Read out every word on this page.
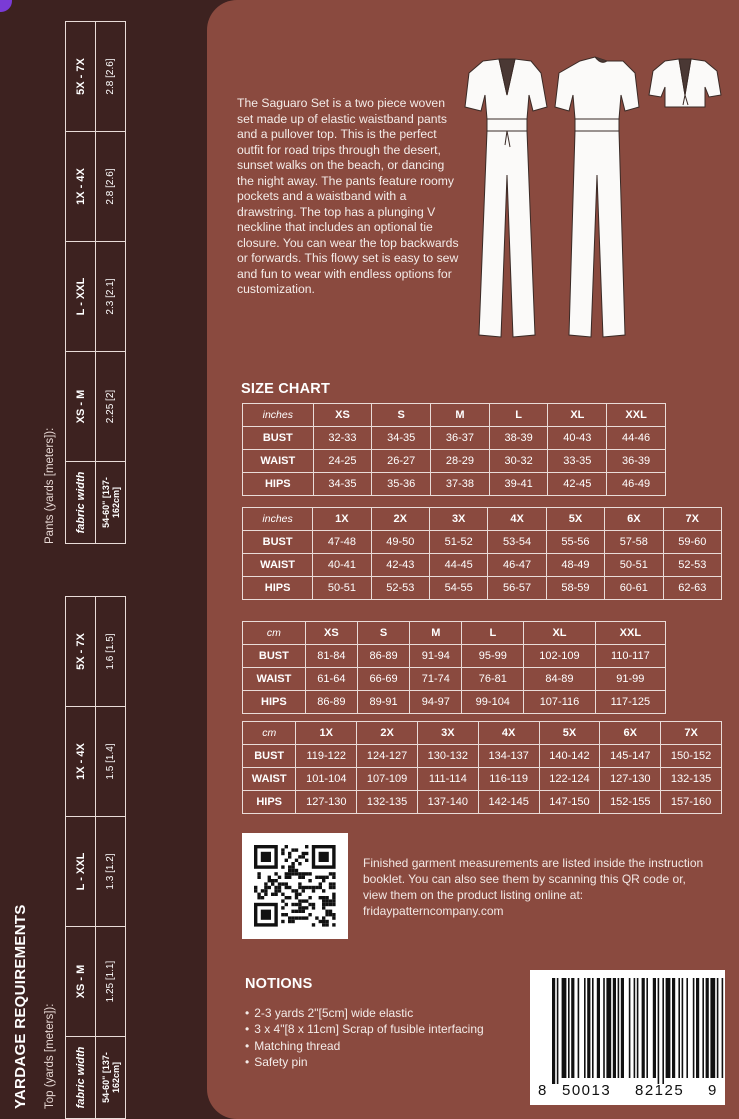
YARDAGE REQUIREMENTS Top (yards [meters]): fabric width	XS - M	L - XXL	1X - 4X	5X - 7X
54-60" [137-162cm]	1.25 [1.1]	1.3 [1.2]	1.5 [1.4]	1.6 [1.5]
Pants (yards [meters]): fabric width	XS - M	L - XXL	1X - 4X	5X - 7X
54-60" [137-162cm]	2.25 [2]	2.3 [2.1]	2.8 [2.6]	2.8 [2.6]
The Saguaro Set is a two piece woven set made up of elastic waistband pants and a pullover top. This is the perfect outfit for road trips through the desert, sunset walks on the beach, or dancing the night away. The pants feature roomy pockets and a waistband with a drawstring. The top has a plunging V neckline that includes an optional tie closure. You can wear the top backwards or forwards. This flowy set is easy to sew and fun to wear with endless options for customization.
SIZE CHART
inches	XS	S	M	L	XL	XXL
BUST	32-33	34-35	36-37	38-39	40-43	44-46
WAIST	24-25	26-27	28-29	30-32	33-35	36-39
HIPS	34-35	35-36	37-38	39-41	42-45	46-49
inches	1X	2X	3X	4X	5X	6X	7X
BUST	47-48	49-50	51-52	53-54	55-56	57-58	59-60
WAIST	40-41	42-43	44-45	46-47	48-49	50-51	52-53
HIPS	50-51	52-53	54-55	56-57	58-59	60-61	62-63
cm	XS	S	M	L	XL	XXL
BUST	81-84	86-89	91-94	95-99	102-109	110-117
WAIST	61-64	66-69	71-74	76-81	84-89	91-99
HIPS	86-89	89-91	94-97	99-104	107-116	117-125
cm	1X	2X	3X	4X	5X	6X	7X
BUST	119-122	124-127	130-132	134-137	140-142	145-147	150-152
WAIST	101-104	107-109	111-114	116-119	122-124	127-130	132-135
HIPS	127-130	132-135	137-140	142-145	147-150	152-155	157-160
Finished garment measurements are listed inside the instruction booklet. You can also see them by scanning this QR code or, view them on the product listing online at: fridaypatterncompany.com
NOTIONS
• 2-3 yards 2"[5cm] wide elastic
• 3 x 4"[8 x 11cm] Scrap of fusible interfacing
• Matching thread
• Safety pin
8 50013 82125 9
